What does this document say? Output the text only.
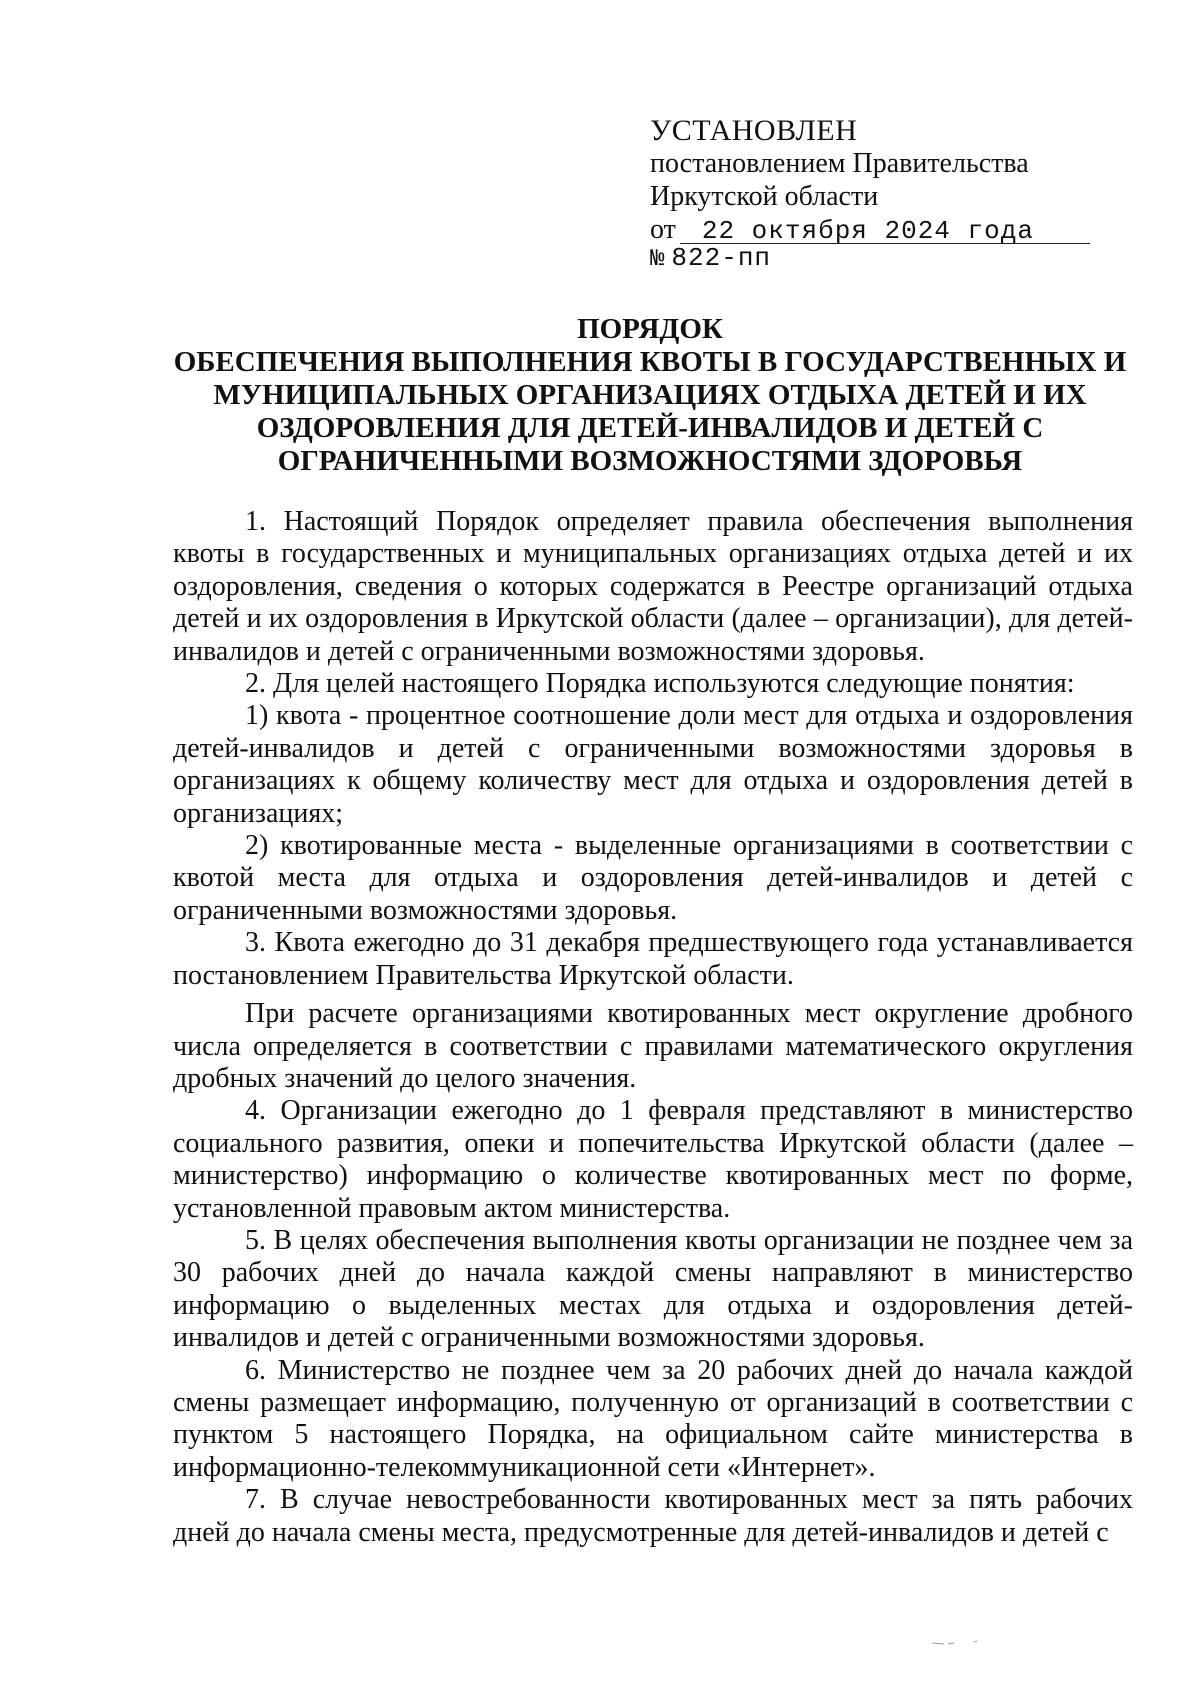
УСТАНОВЛЕН
постановлением Правительства
Иркутской области
от 22 октября 2024 года
№ 822-пп
ПОРЯДОК
ОБЕСПЕЧЕНИЯ ВЫПОЛНЕНИЯ КВОТЫ В ГОСУДАРСТВЕННЫХ И
МУНИЦИПАЛЬНЫХ ОРГАНИЗАЦИЯХ ОТДЫХА ДЕТЕЙ И ИХ
ОЗДОРОВЛЕНИЯ ДЛЯ ДЕТЕЙ-ИНВАЛИДОВ И ДЕТЕЙ С
ОГРАНИЧЕННЫМИ ВОЗМОЖНОСТЯМИ ЗДОРОВЬЯ

1. Настоящий Порядок определяет правила обеспечения выполнения квоты в государственных и муниципальных организациях отдыха детей и их оздоровления, сведения о которых содержатся в Реестре организаций отдыха детей и их оздоровления в Иркутской области (далее – организации), для детей-инвалидов и детей с ограниченными возможностями здоровья.

2. Для целей настоящего Порядка используются следующие понятия:

1) квота - процентное соотношение доли мест для отдыха и оздоровления детей-инвалидов и детей с ограниченными возможностями здоровья в организациях к общему количеству мест для отдыха и оздоровления детей в организациях;

2) квотированные места - выделенные организациями в соответствии с квотой места для отдыха и оздоровления детей-инвалидов и детей с ограниченными возможностями здоровья.

3. Квота ежегодно до 31 декабря предшествующего года устанавливается постановлением Правительства Иркутской области.

При расчете организациями квотированных мест округление дробного числа определяется в соответствии с правилами математического округления дробных значений до целого значения.

4. Организации ежегодно до 1 февраля представляют в министерство социального развития, опеки и попечительства Иркутской области (далее – министерство) информацию о количестве квотированных мест по форме, установленной правовым актом министерства.

5. В целях обеспечения выполнения квоты организации не позднее чем за 30 рабочих дней до начала каждой смены направляют в министерство информацию о выделенных местах для отдыха и оздоровления детей-инвалидов и детей с ограниченными возможностями здоровья.

6. Министерство не позднее чем за 20 рабочих дней до начала каждой смены размещает информацию, полученную от организаций в соответствии с пунктом 5 настоящего Порядка, на официальном сайте министерства в информационно-телекоммуникационной сети «Интернет».

7. В случае невостребованности квотированных мест за пять рабочих дней до начала смены места, предусмотренные для детей-инвалидов и детей с
